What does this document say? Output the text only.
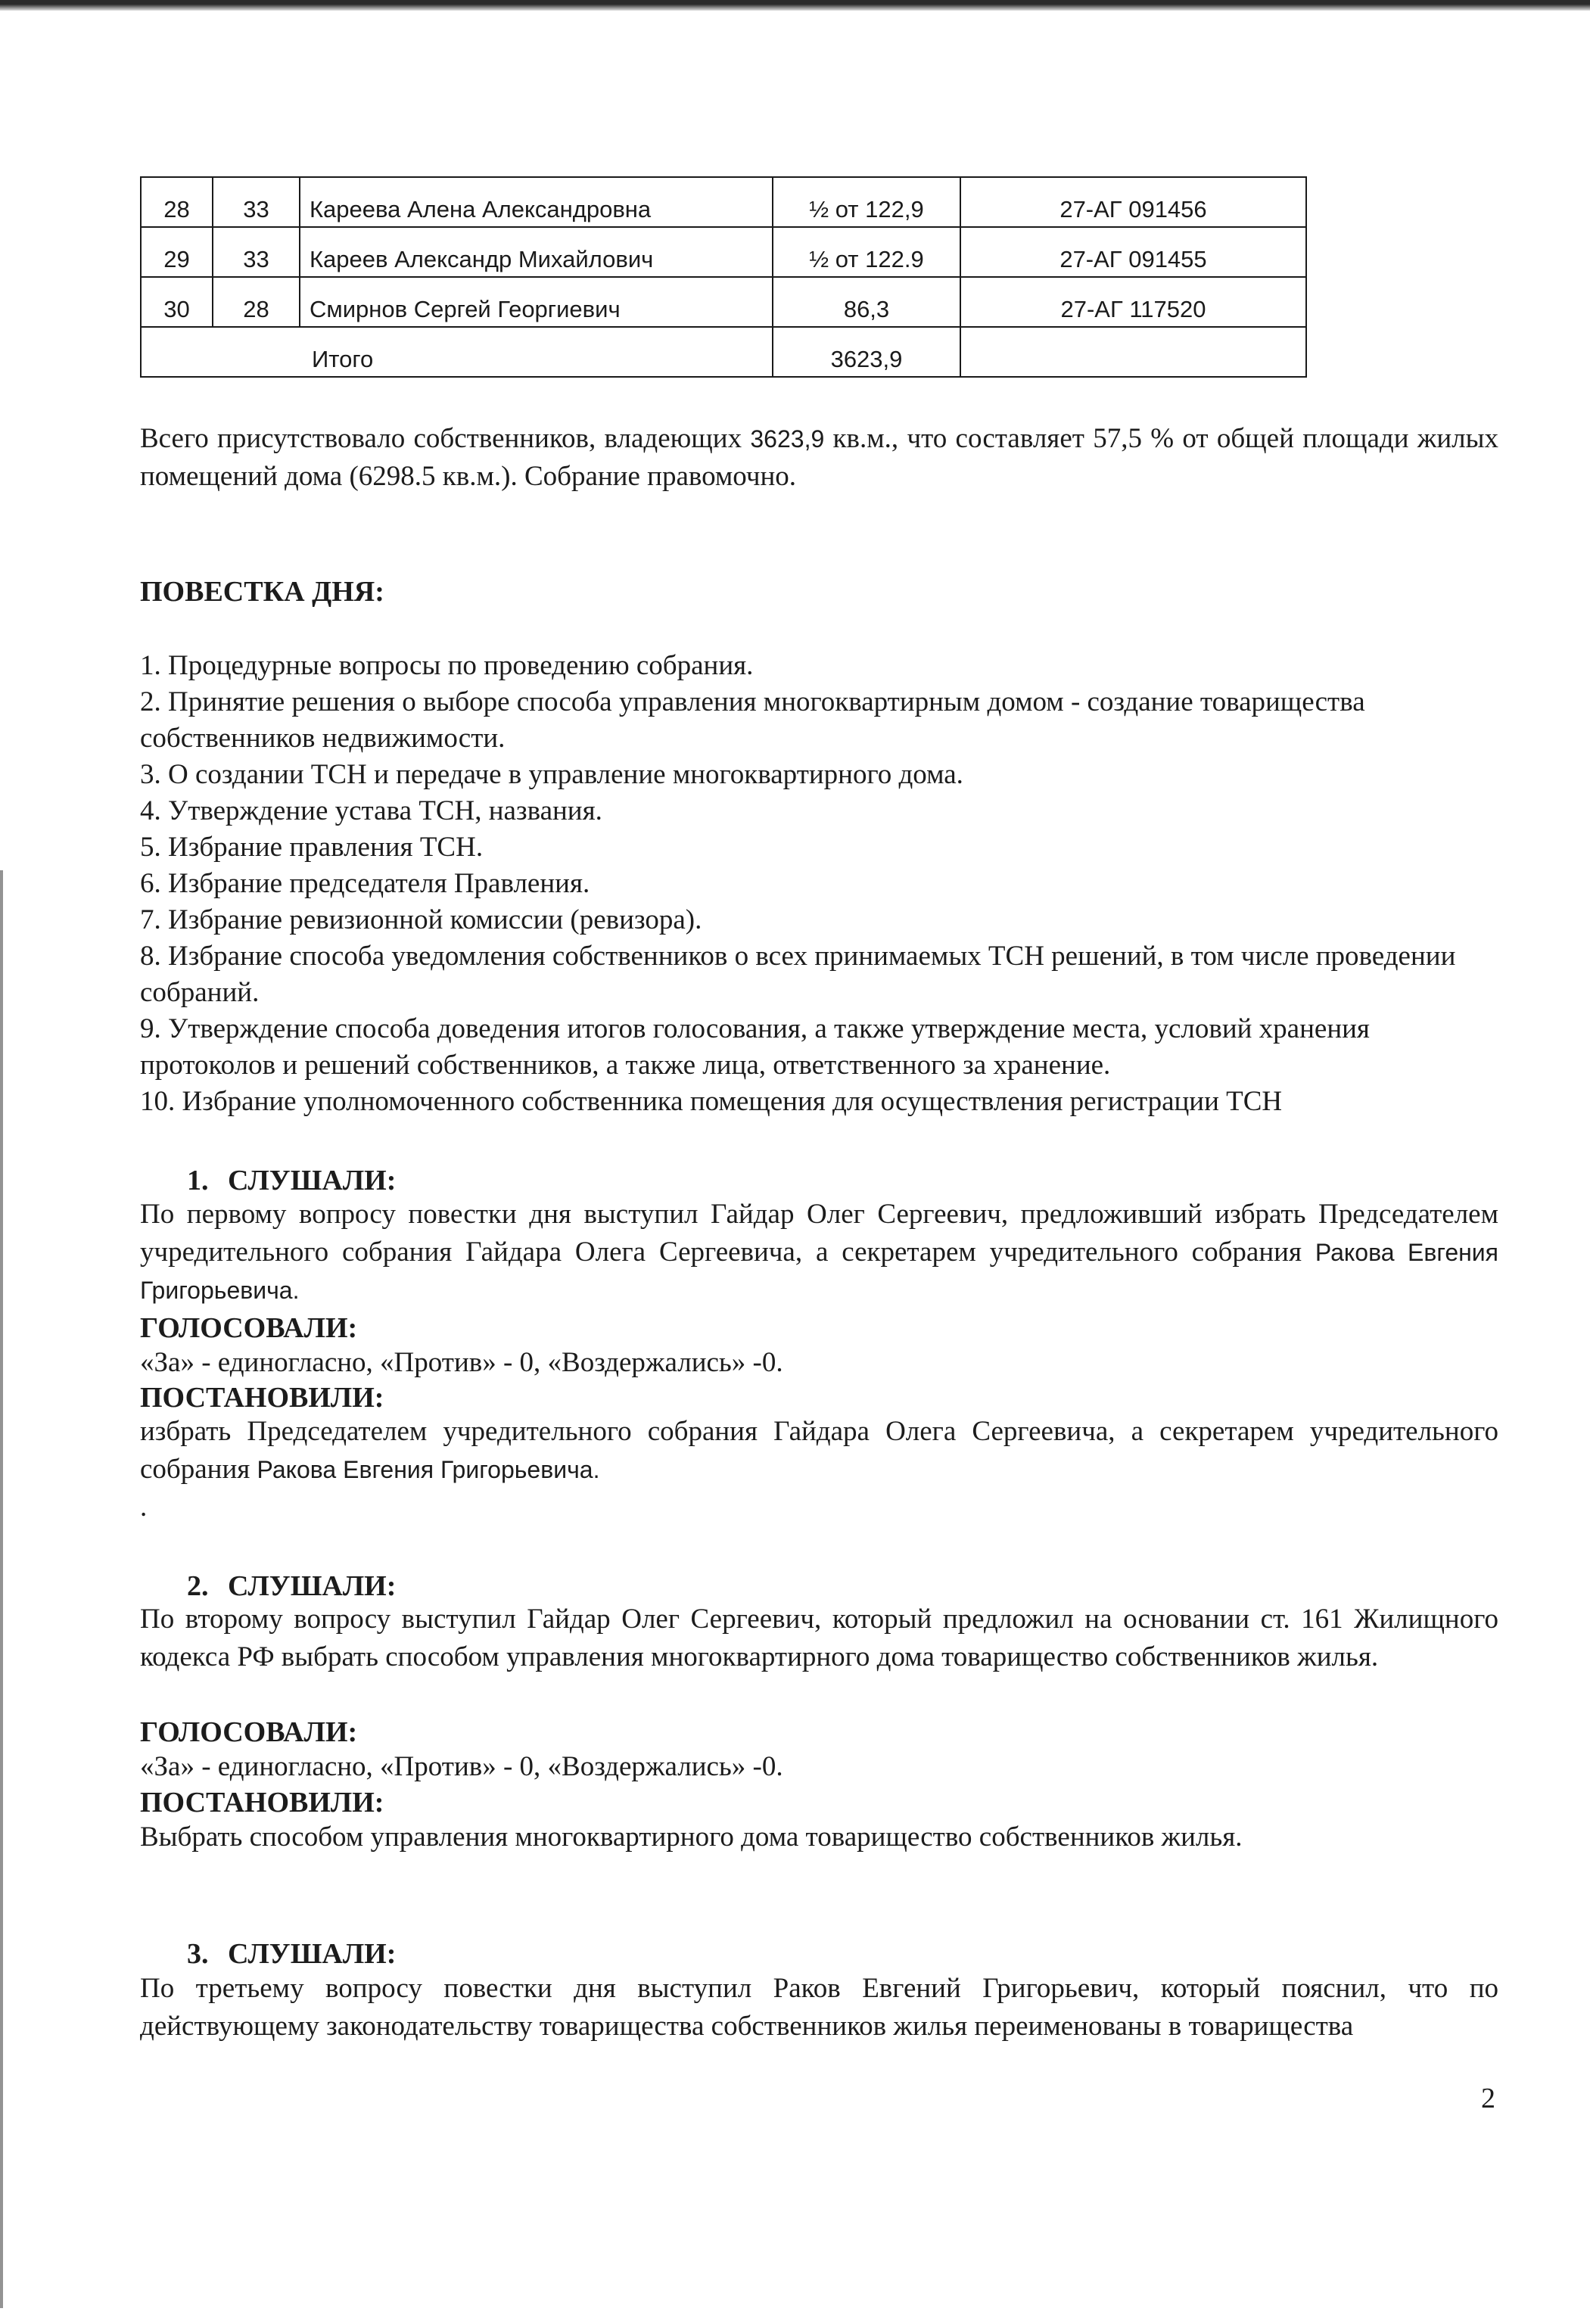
28	33	Кареева Алена Александровна	½ от 122,9	27-АГ 091456
29	33	Кареев Александр Михайлович	½ от 122.9	27-АГ 091455
30	28	Смирнов Сергей Георгиевич	86,3	27-АГ 117520
Итого			3623,9	

Всего присутствовало собственников, владеющих 3623,9 кв.м., что составляет 57,5 % от общей площади жилых помещений дома (6298.5 кв.м.). Собрание правомочно.

ПОВЕСТКА ДНЯ:

1. Процедурные вопросы по проведению собрания.
2. Принятие решения о выборе способа управления многоквартирным домом - создание товарищества собственников недвижимости.
3. О создании ТСН и передаче в управление многоквартирного дома.
4. Утверждение устава ТСН, названия.
5. Избрание правления ТСН.
6. Избрание председателя Правления.
7. Избрание ревизионной комиссии (ревизора).
8. Избрание способа уведомления собственников о всех принимаемых ТСН решений, в том числе проведении собраний.
9. Утверждение способа доведения итогов голосования, а также утверждение места, условий хранения протоколов и решений собственников, а также лица, ответственного за хранение.
10. Избрание уполномоченного собственника помещения для осуществления регистрации ТСН

1. СЛУШАЛИ:

По первому вопросу повестки дня выступил Гайдар Олег Сергеевич, предложивший избрать Председателем учредительного собрания Гайдара Олега Сергеевича, а секретарем учредительного собрания Ракова Евгения Григорьевича.

ГОЛОСОВАЛИ:

«За» - единогласно, «Против» - 0, «Воздержались» -0.

ПОСТАНОВИЛИ:

избрать Председателем учредительного собрания Гайдара Олега Сергеевича, а секретарем учредительного собрания Ракова Евгения Григорьевича.

.

2. СЛУШАЛИ:

По второму вопросу выступил Гайдар Олег Сергеевич, который предложил на основании ст. 161 Жилищного кодекса РФ выбрать способом управления многоквартирного дома товарищество собственников жилья.

ГОЛОСОВАЛИ:

«За» - единогласно, «Против» - 0, «Воздержались» -0.

ПОСТАНОВИЛИ:

Выбрать способом управления многоквартирного дома товарищество собственников жилья.

3. СЛУШАЛИ:

По третьему вопросу повестки дня выступил Раков Евгений Григорьевич, который пояснил, что по действующему законодательству товарищества собственников жилья переименованы в товарищества

2
